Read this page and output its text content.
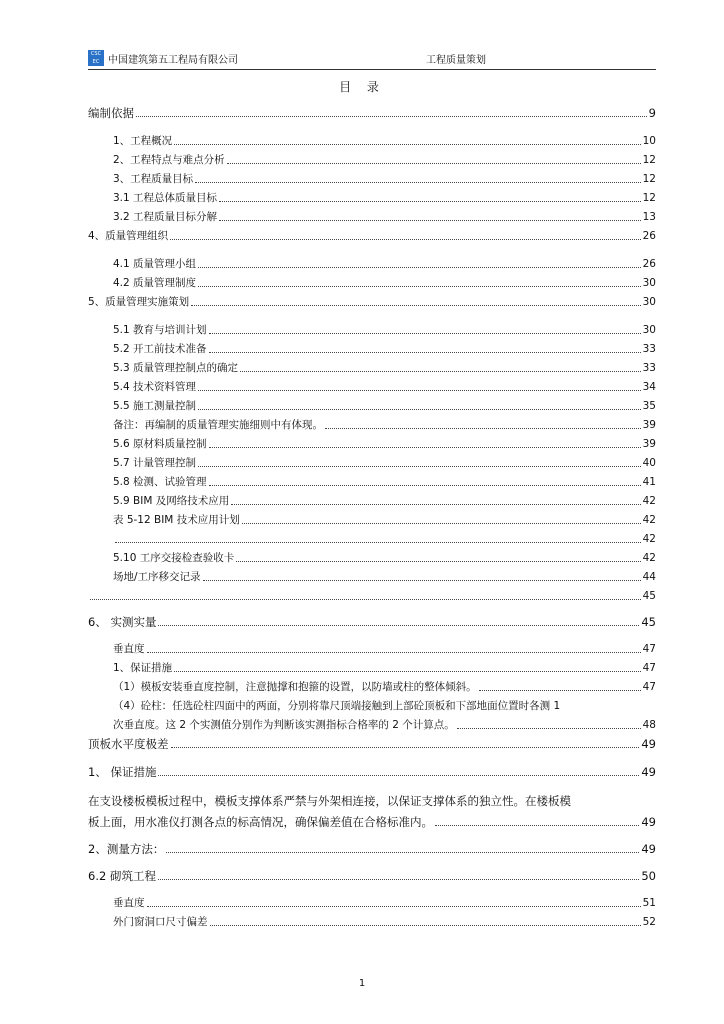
CSC
EC 中国建筑第五工程局有限公司	工程质量策划
目 录
编制依据	9
1、工程概况	10
2、工程特点与难点分析	12
3、工程质量目标	12
3.1 工程总体质量目标	12
3.2 工程质量目标分解	13
4、质量管理组织	26
4.1 质量管理小组	26
4.2 质量管理制度	30
5、质量管理实施策划	30
5.1 教育与培训计划	30
5.2 开工前技术准备	33
5.3 质量管理控制点的确定	33
5.4 技术资料管理	34
5.5 施工测量控制	35
备注：再编制的质量管理实施细则中有体现。	39
5.6 原材料质量控制	39
5.7 计量管理控制	40
5.8 检测、试验管理	41
5.9 BIM 及网络技术应用	42
表 5-12 BIM 技术应用计划	42
42
5.10 工序交接检查验收卡	42
场地/工序移交记录	44
45
6、 实测实量	45
垂直度	47
1、保证措施	47
（1）模板安装垂直度控制，注意抛撑和抱箍的设置，以防墙或柱的整体倾斜。	47
（4）砼柱：任选砼柱四面中的两面，分别将靠尺顶端接触到上部砼顶板和下部地面位置时各测 1
次垂直度。这 2 个实测值分别作为判断该实测指标合格率的 2 个计算点。	48
顶板水平度极差	49
1、 保证措施	49
在支设楼板模板过程中，模板支撑体系严禁与外架相连接，以保证支撑体系的独立性。在楼板模
板上面，用水准仪打测各点的标高情况，确保偏差值在合格标准内。	49
2、测量方法：	49
6.2 砌筑工程	50
垂直度	51
外门窗洞口尺寸偏差	52
1
